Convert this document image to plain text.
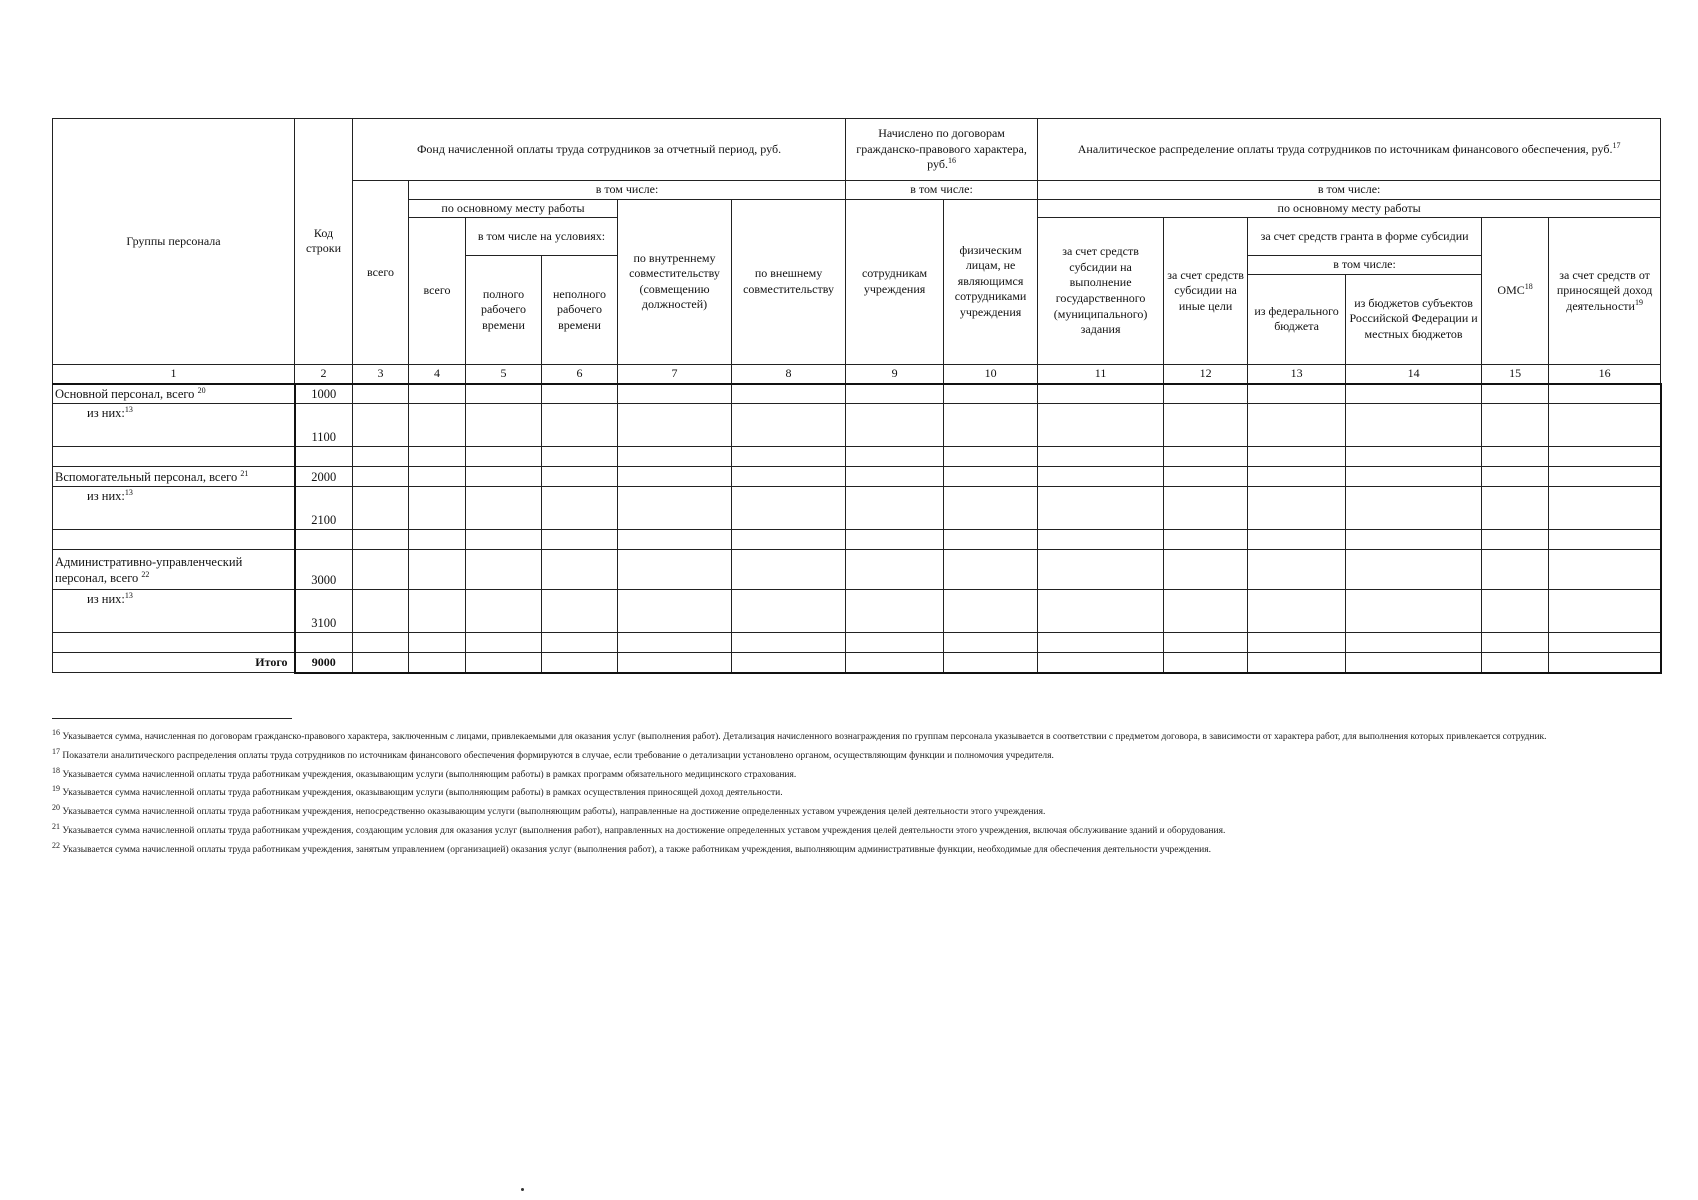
Группы персонала	Код строки	Фонд начисленной оплаты труда сотрудников за отчетный период, руб.						Начислено по договорам гражданско-правового характера, руб.$^{16}$		Аналитическое распределение оплаты труда сотрудников по источникам финансового обеспечения, руб.$^{17}$
		всего	в том числе:					в том числе:		в том числе:					
			по основному месту работы			по внутреннему совместительству (совмещению должностей)	по внешнему совместительству	сотрудникам учреждения	физическим лицам, не являющимся сотрудниками учреждения	по основному месту работы					
			всего	в том числе на условиях:						за счет средств субсидии на выполнение государственного (муниципального) задания	за счет средств субсидии на иные цели	за счет средств гранта в форме субсидии		ОМС$^{18}$	за счет средств от приносящей доход деятельности$^{19}$
				полного рабочего времени	неполного рабочего времени							в том числе:			
												из федерального бюджета	из бюджетов субъектов Российской Федерации и местных бюджетов		
1	2	3	4	5	6	7	8	9	10	11	12	13	14	15	16
Основной персонал, всего $^{20}$	1000														
из них:$^{13}$	1100														

Вспомогательный персонал, всего $^{21}$	2000														
из них:$^{13}$	2100														

Административно-управленческий персонал, всего $^{22}$	3000														
из них:$^{13}$	3100														

Итого	9000														

$^{16}$ Указывается сумма, начисленная по договорам гражданско-правового характера, заключенным с лицами, привлекаемыми для оказания услуг (выполнения работ). Детализация начисленного вознаграждения по группам персонала указывается в соответствии с предметом договора, в зависимости от характера работ, для выполнения которых привлекается сотрудник.

$^{17}$ Показатели аналитического распределения оплаты труда сотрудников по источникам финансового обеспечения формируются в случае, если требование о детализации установлено органом, осуществляющим функции и полномочия учредителя.

$^{18}$ Указывается сумма начисленной оплаты труда работникам учреждения, оказывающим услуги (выполняющим работы) в рамках программ обязательного медицинского страхования.

$^{19}$ Указывается сумма начисленной оплаты труда работникам учреждения, оказывающим услуги (выполняющим работы) в рамках осуществления приносящей доход деятельности.

$^{20}$ Указывается сумма начисленной оплаты труда работникам учреждения, непосредственно оказывающим услуги (выполняющим работы), направленные на достижение определенных уставом учреждения целей деятельности этого учреждения.

$^{21}$ Указывается сумма начисленной оплаты труда работникам учреждения, создающим условия для оказания услуг (выполнения работ), направленных на достижение определенных уставом учреждения целей деятельности этого учреждения, включая обслуживание зданий и оборудования.

$^{22}$ Указывается сумма начисленной оплаты труда работникам учреждения, занятым управлением (организацией) оказания услуг (выполнения работ), а также работникам учреждения, выполняющим административные функции, необходимые для обеспечения деятельности учреждения.
